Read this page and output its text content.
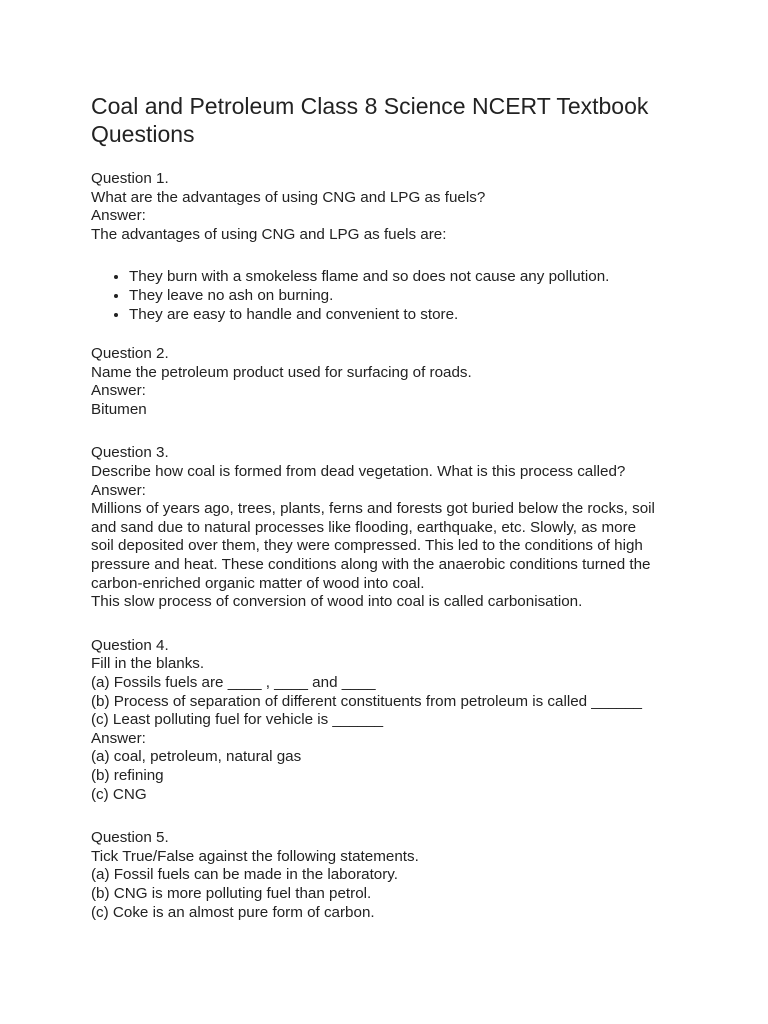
Coal and Petroleum Class 8 Science NCERT Textbook Questions
Question 1.
What are the advantages of using CNG and LPG as fuels?
Answer:
The advantages of using CNG and LPG as fuels are:
• They burn with a smokeless flame and so does not cause any pollution.
• They leave no ash on burning.
• They are easy to handle and convenient to store.
Question 2.
Name the petroleum product used for surfacing of roads.
Answer:
Bitumen
Question 3.
Describe how coal is formed from dead vegetation. What is this process called?
Answer:
Millions of years ago, trees, plants, ferns and forests got buried below the rocks, soil
and sand due to natural processes like flooding, earthquake, etc. Slowly, as more
soil deposited over them, they were compressed. This led to the conditions of high
pressure and heat. These conditions along with the anaerobic conditions turned the
carbon-enriched organic matter of wood into coal.
This slow process of conversion of wood into coal is called carbonisation.
Question 4.
Fill in the blanks.
(a) Fossils fuels are ____ , ____ and ____
(b) Process of separation of different constituents from petroleum is called ______
(c) Least polluting fuel for vehicle is ______
Answer:
(a) coal, petroleum, natural gas
(b) refining
(c) CNG
Question 5.
Tick True/False against the following statements.
(a) Fossil fuels can be made in the laboratory.
(b) CNG is more polluting fuel than petrol.
(c) Coke is an almost pure form of carbon.
